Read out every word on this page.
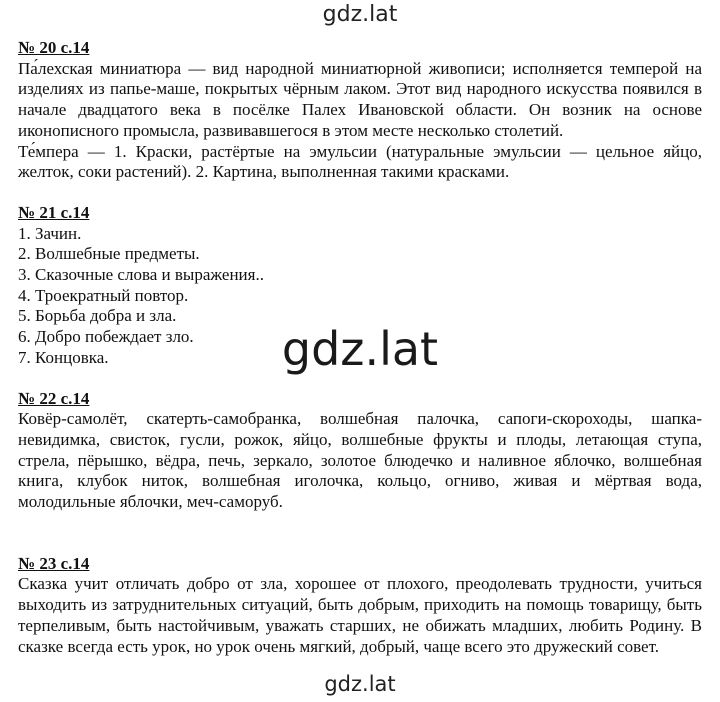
gdz.lat
№ 20 с.14

Па́лехская миниатюра — вид народной миниатюрной живописи; исполняется темперой на изделиях из папье-маше, покрытых чёрным лаком. Этот вид народного искусства появился в начале двадцатого века в посёлке Палех Ивановской области. Он возник на основе иконописного промысла, развивавшегося в этом месте несколько столетий.

Те́мпера — 1. Краски, растёртые на эмульсии (натуральные эмульсии — цельное яйцо, желток, соки растений). 2. Картина, выполненная такими красками.

№ 21 с.14
1. Зачин.
2. Волшебные предметы.
3. Сказочные слова и выражения..
4. Троекратный повтор.
5. Борьба добра и зла.
6. Добро побеждает зло.
7. Концовка.
№ 22 с.14

Ковёр-самолёт, скатерть-самобранка, волшебная палочка, сапоги-скороходы, шапка-невидимка, свисток, гусли, рожок, яйцо, волшебные фрукты и плоды, летающая ступа, стрела, пёрышко, вёдра, печь, зеркало, золотое блюдечко и наливное яблочко, волшебная книга, клубок ниток, волшебная иголочка, кольцо, огниво, живая и мёртвая вода, молодильные яблочки, меч-саморуб.

№ 23 с.14

Сказка учит отличать добро от зла, хорошее от плохого, преодолевать трудности, учиться выходить из затруднительных ситуаций, быть добрым, приходить на помощь товарищу, быть терпеливым, быть настойчивым, уважать старших, не обижать младших, любить Родину. В сказке всегда есть урок, но урок очень мягкий, добрый, чаще всего это дружеский совет.

gdz.lat
gdz.lat
